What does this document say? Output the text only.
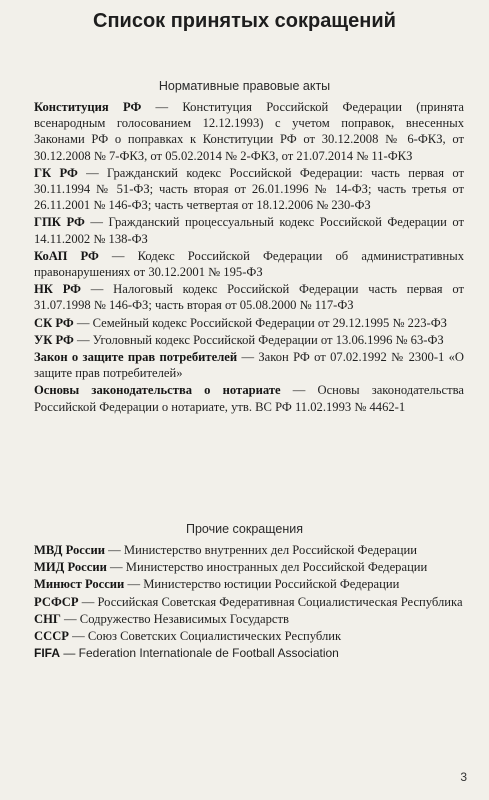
Список принятых сокращений
Нормативные правовые акты

Конституция РФ — Конституция Российской Федерации (принята всенародным голосованием 12.12.1993) с учетом поправок, внесенных Законами РФ о поправках к Конституции РФ от 30.12.2008 № 6-ФКЗ, от 30.12.2008 № 7-ФКЗ, от 05.02.2014 № 2-ФКЗ, от 21.07.2014 № 11-ФКЗ

ГК РФ — Гражданский кодекс Российской Федерации: часть первая от 30.11.1994 № 51-ФЗ; часть вторая от 26.01.1996 № 14-ФЗ; часть третья от 26.11.2001 № 146-ФЗ; часть четвертая от 18.12.2006 № 230-ФЗ

ГПК РФ — Гражданский процессуальный кодекс Российской Федерации от 14.11.2002 № 138-ФЗ

КоАП РФ — Кодекс Российской Федерации об административных правонарушениях от 30.12.2001 № 195-ФЗ

НК РФ — Налоговый кодекс Российской Федерации часть первая от 31.07.1998 № 146-ФЗ; часть вторая от 05.08.2000 № 117-ФЗ

СК РФ — Семейный кодекс Российской Федерации от 29.12.1995 № 223-ФЗ

УК РФ — Уголовный кодекс Российской Федерации от 13.06.1996 № 63-ФЗ

Закон о защите прав потребителей — Закон РФ от 07.02.1992 № 2300-1 «О защите прав потребителей»

Основы законодательства о нотариате — Основы законодательства Российской Федерации о нотариате, утв. ВС РФ 11.02.1993 № 4462-1

Прочие сокращения

МВД России — Министерство внутренних дел Российской Федерации

МИД России — Министерство иностранных дел Российской Федерации

Минюст России — Министерство юстиции Российской Федерации

РСФСР — Российская Советская Федеративная Социалистическая Республика

СНГ — Содружество Независимых Государств

СССР — Союз Советских Социалистических Республик

FIFA — Federation Internationale de Football Association

3
